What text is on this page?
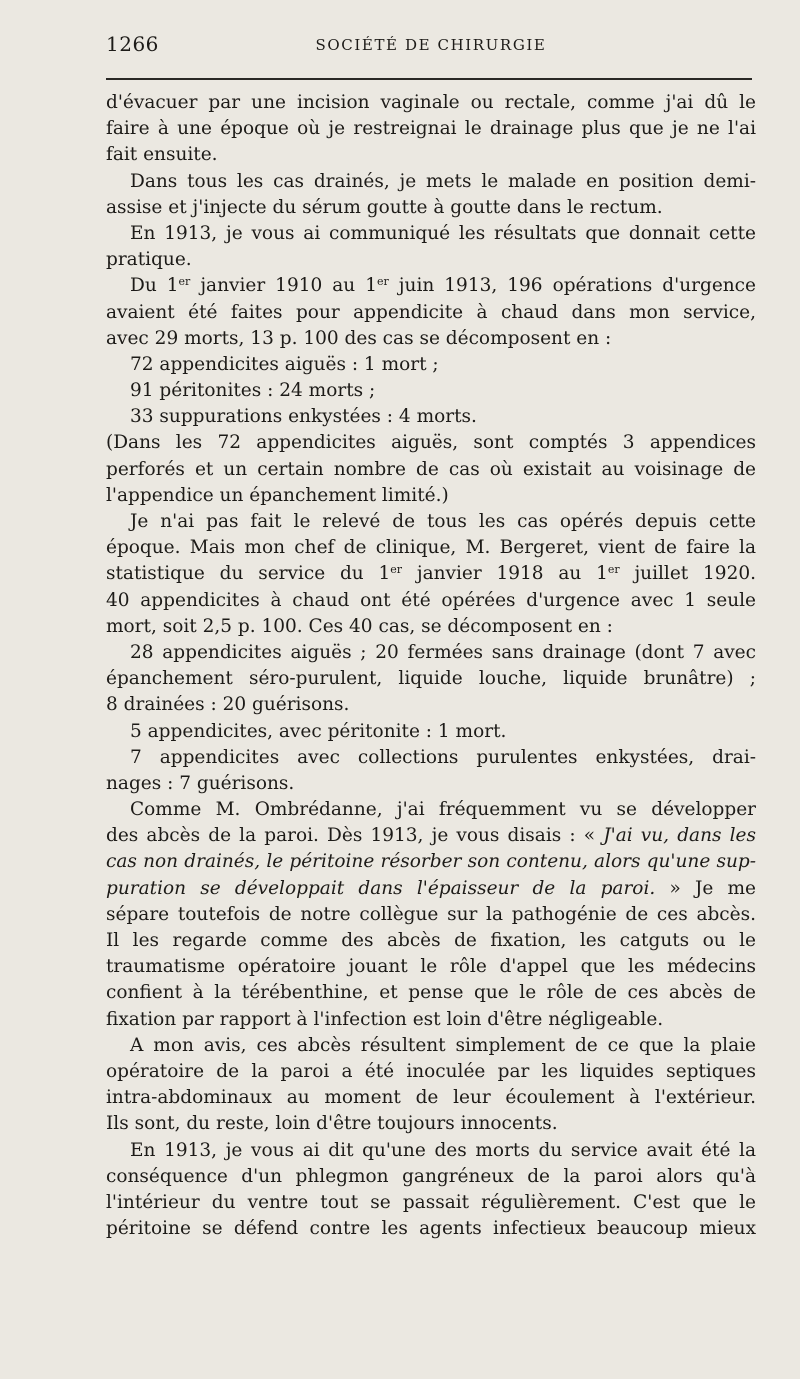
1266	SOCIÉTÉ DE CHIRURGIE
d'évacuer par une incision vaginale ou rectale, comme j'ai dû le
faire à une époque où je restreignai le drainage plus que je ne l'ai
fait ensuite.
Dans tous les cas drainés, je mets le malade en position demi-
assise et j'injecte du sérum goutte à goutte dans le rectum.
En 1913, je vous ai communiqué les résultats que donnait cette
pratique.
Du 1er janvier 1910 au 1er juin 1913, 196 opérations d'urgence
avaient été faites pour appendicite à chaud dans mon service,
avec 29 morts, 13 p. 100 des cas se décomposent en :
72 appendicites aiguës : 1 mort ;
91 péritonites : 24 morts ;
33 suppurations enkystées : 4 morts.
(Dans les 72 appendicites aiguës, sont comptés 3 appendices
perforés et un certain nombre de cas où existait au voisinage de
l'appendice un épanchement limité.)
Je n'ai pas fait le relevé de tous les cas opérés depuis cette
époque. Mais mon chef de clinique, M. Bergeret, vient de faire la
statistique du service du 1er janvier 1918 au 1er juillet 1920.
40 appendicites à chaud ont été opérées d'urgence avec 1 seule
mort, soit 2,5 p. 100. Ces 40 cas, se décomposent en :
28 appendicites aiguës ; 20 fermées sans drainage (dont 7 avec
épanchement séro-purulent, liquide louche, liquide brunâtre) ;
8 drainées : 20 guérisons.
5 appendicites, avec péritonite : 1 mort.
7 appendicites avec collections purulentes enkystées, drai-
nages : 7 guérisons.
Comme M. Ombrédanne, j'ai fréquemment vu se développer
des abcès de la paroi. Dès 1913, je vous disais : « J'ai vu, dans les
cas non drainés, le péritoine résorber son contenu, alors qu'une sup-
puration se développait dans l'épaisseur de la paroi. » Je me
sépare toutefois de notre collègue sur la pathogénie de ces abcès.
Il les regarde comme des abcès de fixation, les catguts ou le
traumatisme opératoire jouant le rôle d'appel que les médecins
confient à la térébenthine, et pense que le rôle de ces abcès de
fixation par rapport à l'infection est loin d'être négligeable.
A mon avis, ces abcès résultent simplement de ce que la plaie
opératoire de la paroi a été inoculée par les liquides septiques
intra-abdominaux au moment de leur écoulement à l'extérieur.
Ils sont, du reste, loin d'être toujours innocents.
En 1913, je vous ai dit qu'une des morts du service avait été la
conséquence d'un phlegmon gangréneux de la paroi alors qu'à
l'intérieur du ventre tout se passait régulièrement. C'est que le
péritoine se défend contre les agents infectieux beaucoup mieux
